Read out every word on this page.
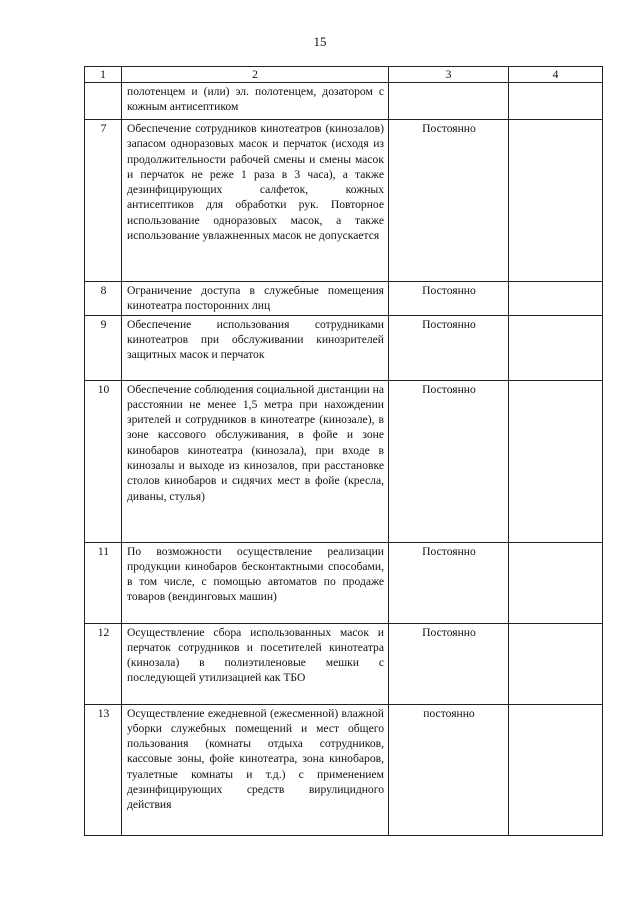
15
1	2	3	4
	полотенцем и (или) эл. полотенцем, дозатором с кожным антисептиком		
7	Обеспечение сотрудников кинотеатров (кинозалов) запасом одноразовых масок и перчаток (исходя из продолжительности рабочей смены и смены масок и перчаток не реже 1 раза в 3 часа), а также дезинфицирующих салфеток, кожных антисептиков для обработки рук. Повторное использование одноразовых масок, а также использование увлажненных масок не допускается	Постоянно	
8	Ограничение доступа в служебные помещения кинотеатра посторонних лиц	Постоянно	
9	Обеспечение использования сотрудниками кинотеатров при обслуживании кинозрителей защитных масок и перчаток	Постоянно	
10	Обеспечение соблюдения социальной дистанции на расстоянии не менее 1,5 метра при нахождении зрителей и сотрудников в кинотеатре (кинозале), в зоне кассового обслуживания, в фойе и зоне кинобаров кинотеатра (кинозала), при входе в кинозалы и выходе из кинозалов, при расстановке столов кинобаров и сидячих мест в фойе (кресла, диваны, стулья)	Постоянно	
11	По возможности осуществление реализации продукции кинобаров бесконтактными способами, в том числе, с помощью автоматов по продаже товаров (вендинговых машин)	Постоянно	
12	Осуществление сбора использованных масок и перчаток сотрудников и посетителей кинотеатра (кинозала) в полиэтиленовые мешки с последующей утилизацией как ТБО	Постоянно	
13	Осуществление ежедневной (ежесменной) влажной уборки служебных помещений и мест общего пользования (комнаты отдыха сотрудников, кассовые зоны, фойе кинотеатра, зона кинобаров, туалетные комнаты и т.д.) с применением дезинфицирующих средств вирулицидного действия	постоянно	
